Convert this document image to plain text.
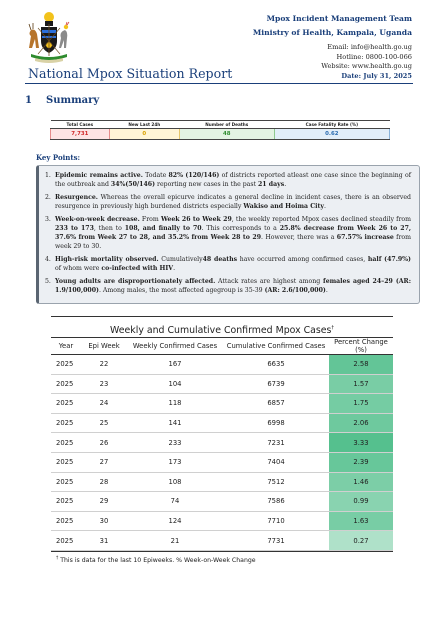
Mpox Incident Management Team
Ministry of Health, Kampala, Uganda
Email: info@health.go.ug
Hotline: 0800-100-066
Website: www.health.go.ug
Date: July 31, 2025
National Mpox Situation Report
1 Summary
Total Cases	New Last 24h	Number of Deaths	Case Fatality Rate (%)
7,731	0	48	0.62
Key Points:
1. Epidemic remains active. Todate 82% (120/146) of districts reported atleast one case since the beginning of the outbreak and 34%(50/146) reporting new cases in the past 21 days.
2. Resurgence. Whereas the overall epicurve indicates a general decline in incident cases, there is an observed resurgence in previously high burdened districts especially Wakiso and Hoima City.
3. Week-on-week decrease. From Week 26 to Week 29, the weekly reported Mpox cases declined steadily from 233 to 173, then to 108, and finally to 70. This corresponds to a 25.8% decrease from Week 26 to 27, 37.6% from Week 27 to 28, and 35.2% from Week 28 to 29. However, there was a 67.57% increase from week 29 to 30.
4. High-risk mortality observed. Cumulatively48 deaths have occurred among confirmed cases, half (47.9%) of whom were co-infected with HIV.
5. Young adults are disproportionately affected. Attack rates are highest among females aged 24–29 (AR: 1.9/100,000). Among males, the most affected agegroup is 35-39 (AR: 2.6/100,000).
Weekly and Cumulative Confirmed Mpox Cases†
Year	Epi Week	Weekly Confirmed Cases	Cumulative Confirmed Cases	Percent Change (%)
2025	22	167	6635	2.58
2025	23	104	6739	1.57
2025	24	118	6857	1.75
2025	25	141	6998	2.06
2025	26	233	7231	3.33
2025	27	173	7404	2.39
2025	28	108	7512	1.46
2025	29	74	7586	0.99
2025	30	124	7710	1.63
2025	31	21	7731	0.27
† This is data for the last 10 Epiweeks. % Week-on-Week Change
